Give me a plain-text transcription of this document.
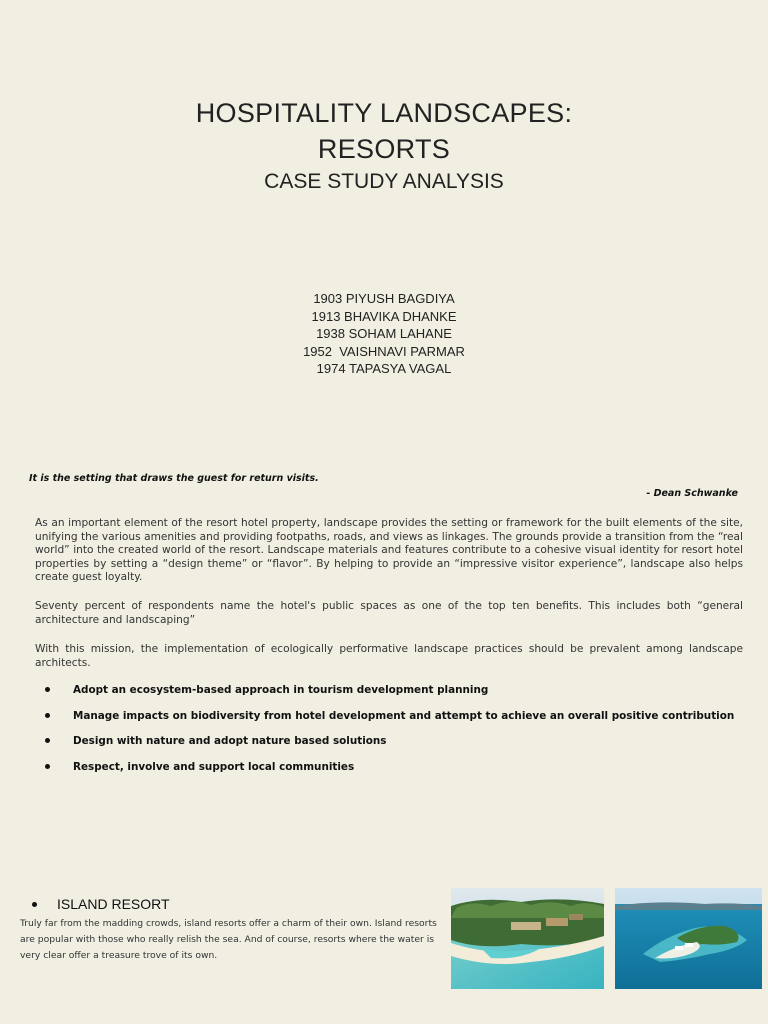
HOSPITALITY LANDSCAPES:
RESORTS
CASE STUDY ANALYSIS
1903 PIYUSH BAGDIYA
1913 BHAVIKA DHANKE
1938 SOHAM LAHANE
1952  VAISHNAVI PARMAR
1974 TAPASYA VAGAL
It is the setting that draws the guest for return visits.
- Dean Schwanke
As an important element of the resort hotel property, landscape provides the setting or framework for the built elements of the site, unifying the various amenities and providing footpaths, roads, and views as linkages. The grounds provide a transition from the “real world” into the created world of the resort. Landscape materials and features contribute to a cohesive visual identity for resort hotel properties by setting a “design theme” or “flavor”. By helping to provide an “impressive visitor experience”, landscape also helps create guest loyalty.
Seventy percent of respondents name the hotel's public spaces as one of the top ten benefits. This includes both “general architecture and landscaping”
With this mission, the implementation of ecologically performative landscape practices should be prevalent among landscape architects.
Adopt an ecosystem-based approach in tourism development planning
Manage impacts on biodiversity from hotel development and attempt to achieve an overall positive contribution
Design with nature and adopt nature based solutions
Respect, involve and support local communities
ISLAND RESORT
Truly far from the madding crowds, island resorts offer a charm of their own. Island resorts are popular with those who really relish the sea. And of course, resorts where the water is very clear offer a treasure trove of its own.
